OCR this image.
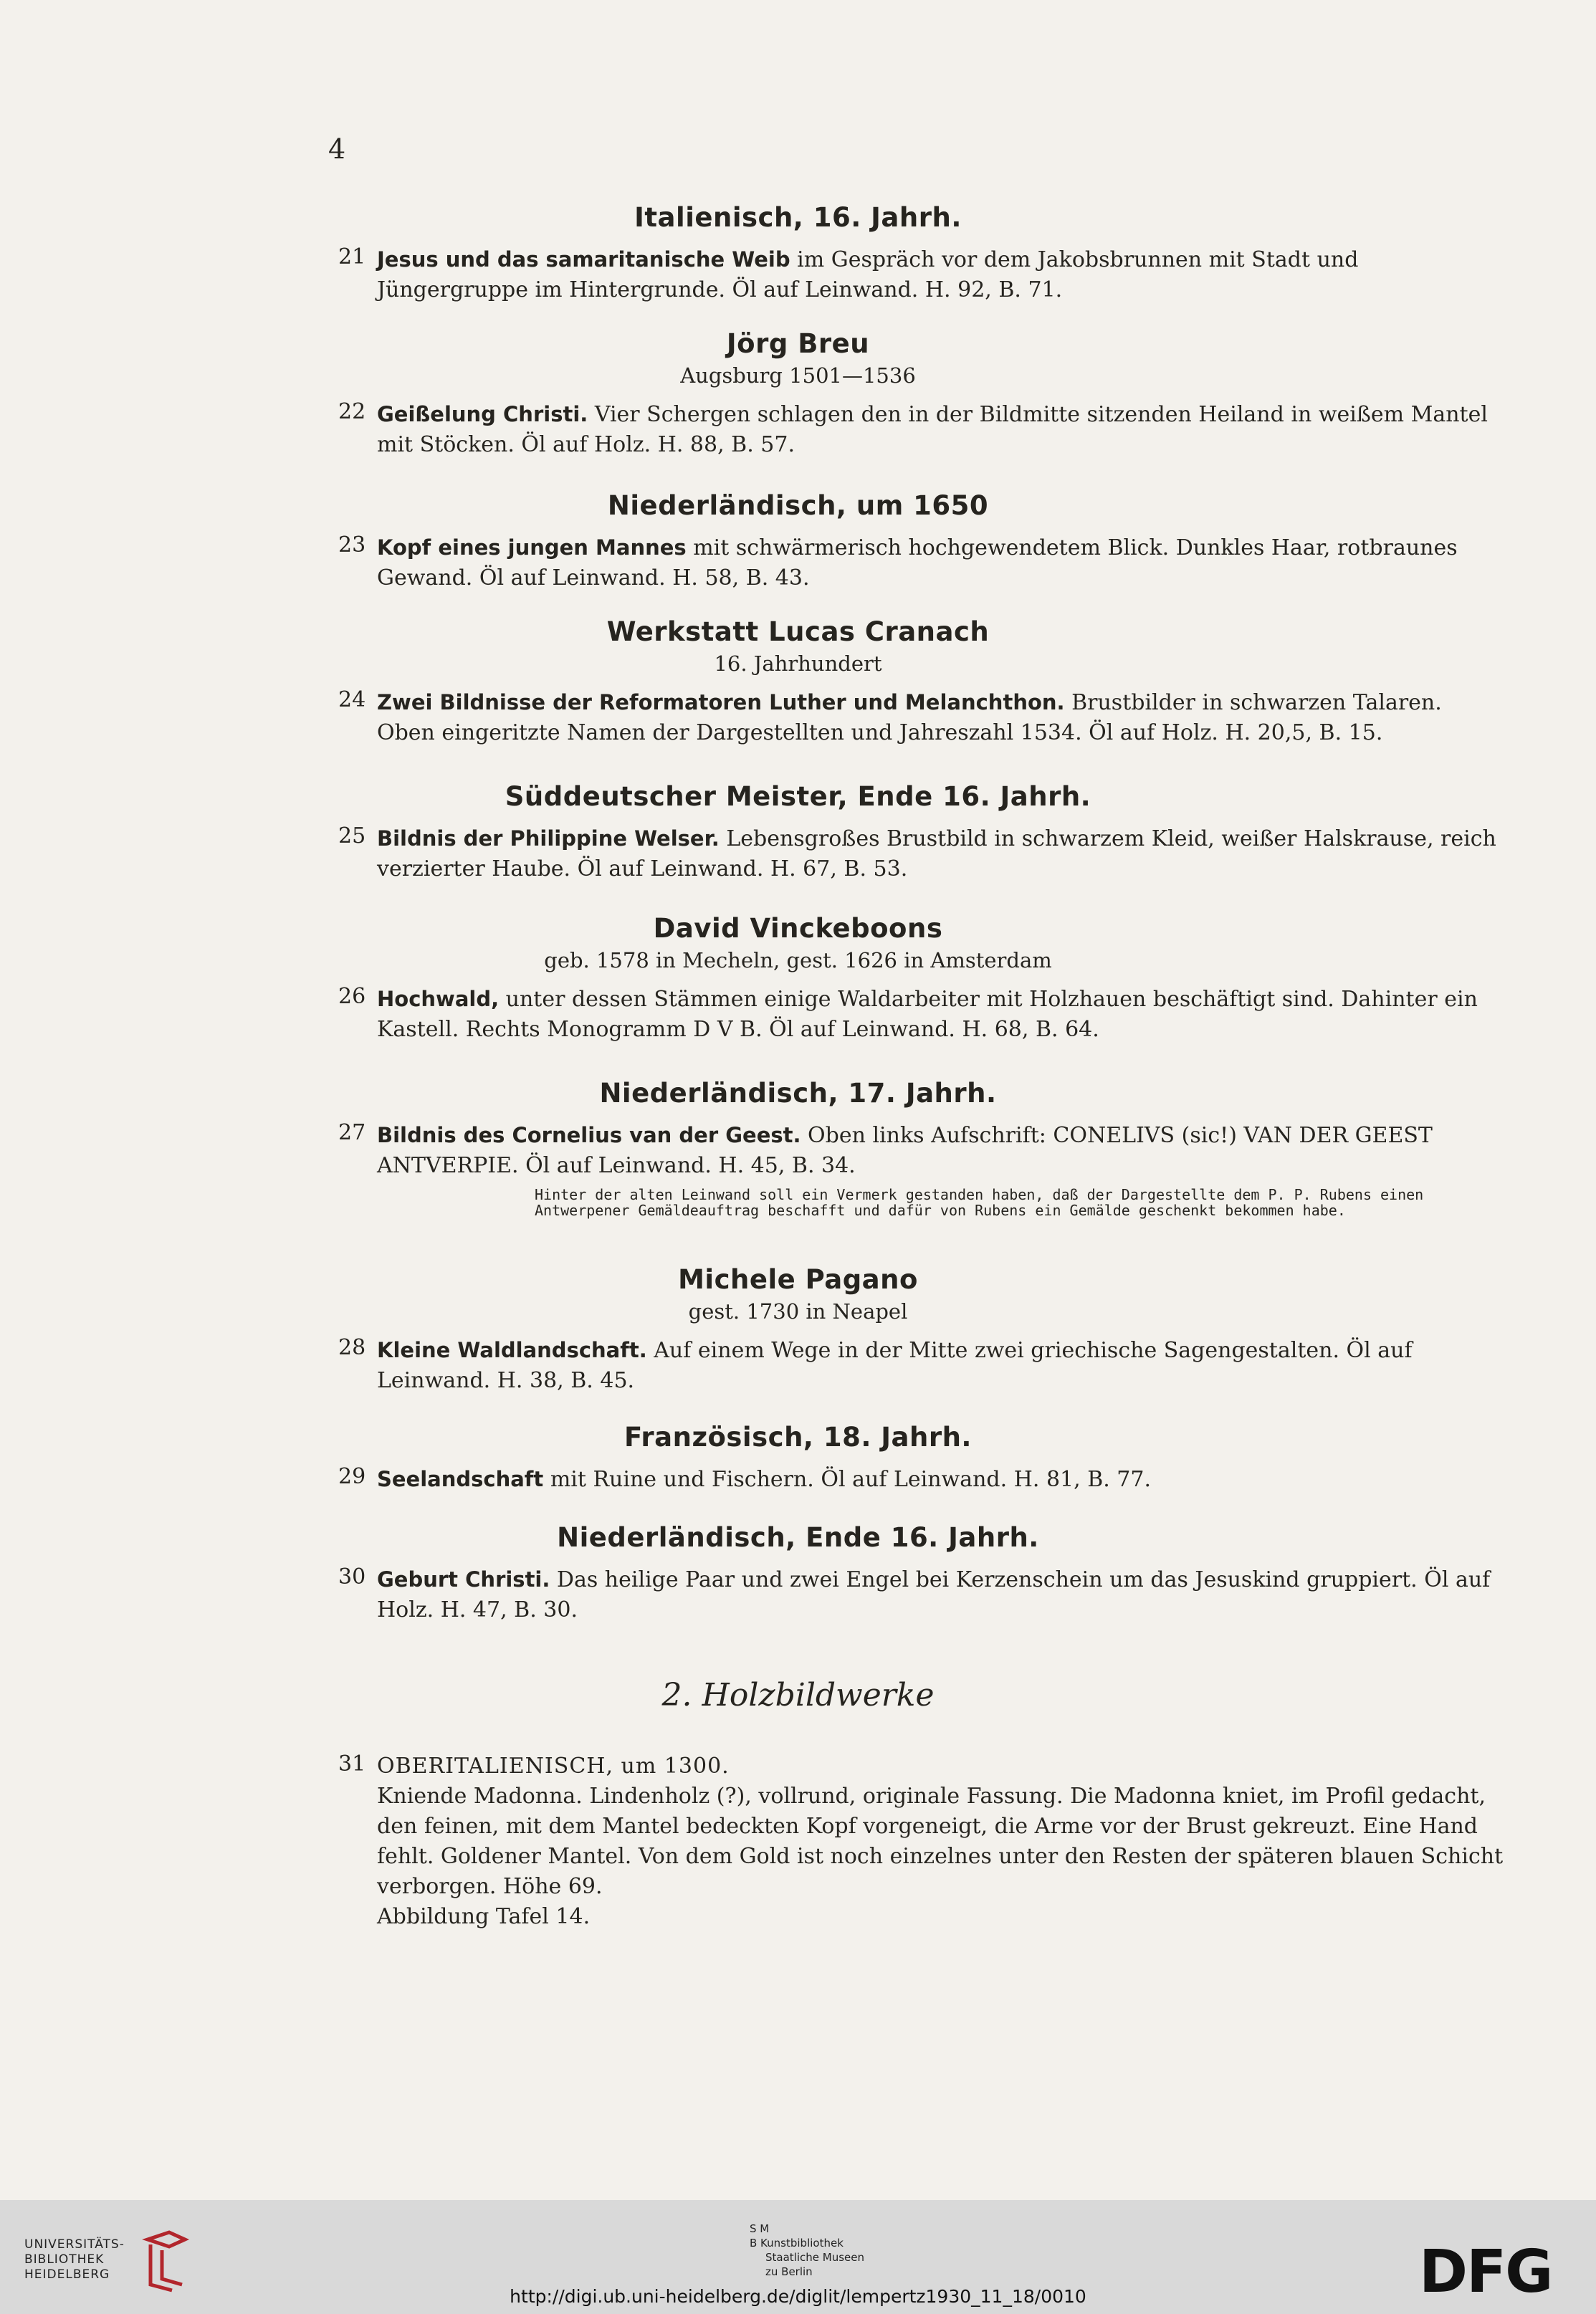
4
Italienisch, 16. Jahrh.
21 Jesus und das samaritanische Weib im Gespräch vor dem Jakobsbrunnen mit Stadt und Jüngergruppe im Hintergrunde. Öl auf Leinwand. H. 92, B. 71.
Jörg Breu
Augsburg 1501—1536
22 Geißelung Christi. Vier Schergen schlagen den in der Bildmitte sitzenden Heiland in weißem Mantel mit Stöcken. Öl auf Holz. H. 88, B. 57.
Niederländisch, um 1650
23 Kopf eines jungen Mannes mit schwärmerisch hochgewendetem Blick. Dunkles Haar, rotbraunes Gewand. Öl auf Leinwand. H. 58, B. 43.
Werkstatt Lucas Cranach
16. Jahrhundert
24 Zwei Bildnisse der Reformatoren Luther und Melanchthon. Brustbilder in schwarzen Talaren. Oben eingeritzte Namen der Dargestellten und Jahreszahl 1534. Öl auf Holz. H. 20,5, B. 15.
Süddeutscher Meister, Ende 16. Jahrh.
25 Bildnis der Philippine Welser. Lebensgroßes Brustbild in schwarzem Kleid, weißer Halskrause, reich verzierter Haube. Öl auf Leinwand. H. 67, B. 53.
David Vinckeboons
geb. 1578 in Mecheln, gest. 1626 in Amsterdam
26 Hochwald, unter dessen Stämmen einige Waldarbeiter mit Holzhauen beschäftigt sind. Dahinter ein Kastell. Rechts Monogramm D V B. Öl auf Leinwand. H. 68, B. 64.
Niederländisch, 17. Jahrh.
27 Bildnis des Cornelius van der Geest. Oben links Aufschrift: CONELIVS (sic!) VAN DER GEEST ANTVERPIE. Öl auf Leinwand. H. 45, B. 34.
Hinter der alten Leinwand soll ein Vermerk gestanden haben, daß der Dargestellte dem P. P. Rubens einen Antwerpener Gemäldeauftrag beschafft und dafür von Rubens ein Gemälde geschenkt bekommen habe.
Michele Pagano
gest. 1730 in Neapel
28 Kleine Waldlandschaft. Auf einem Wege in der Mitte zwei griechische Sagengestalten. Öl auf Leinwand. H. 38, B. 45.
Französisch, 18. Jahrh.
29 Seelandschaft mit Ruine und Fischern. Öl auf Leinwand. H. 81, B. 77.
Niederländisch, Ende 16. Jahrh.
30 Geburt Christi. Das heilige Paar und zwei Engel bei Kerzenschein um das Jesuskind gruppiert. Öl auf Holz. H. 47, B. 30.
2. Holzbildwerke
31 OBERITALIENISCH, um 1300.
Kniende Madonna. Lindenholz (?), vollrund, originale Fassung. Die Madonna kniet, im Profil gedacht, den feinen, mit dem Mantel bedeckten Kopf vorgeneigt, die Arme vor der Brust gekreuzt. Eine Hand fehlt. Goldener Mantel. Von dem Gold ist noch einzelnes unter den Resten der späteren blauen Schicht verborgen. Höhe 69.
Abbildung Tafel 14.
UNIVERSITÄTS-
BIBLIOTHEK
HEIDELBERG
S M
B Kunstbibliothek
Staatliche Museen
zu Berlin	DFG
http://digi.ub.uni-heidelberg.de/diglit/lempertz1930_11_18/0010
